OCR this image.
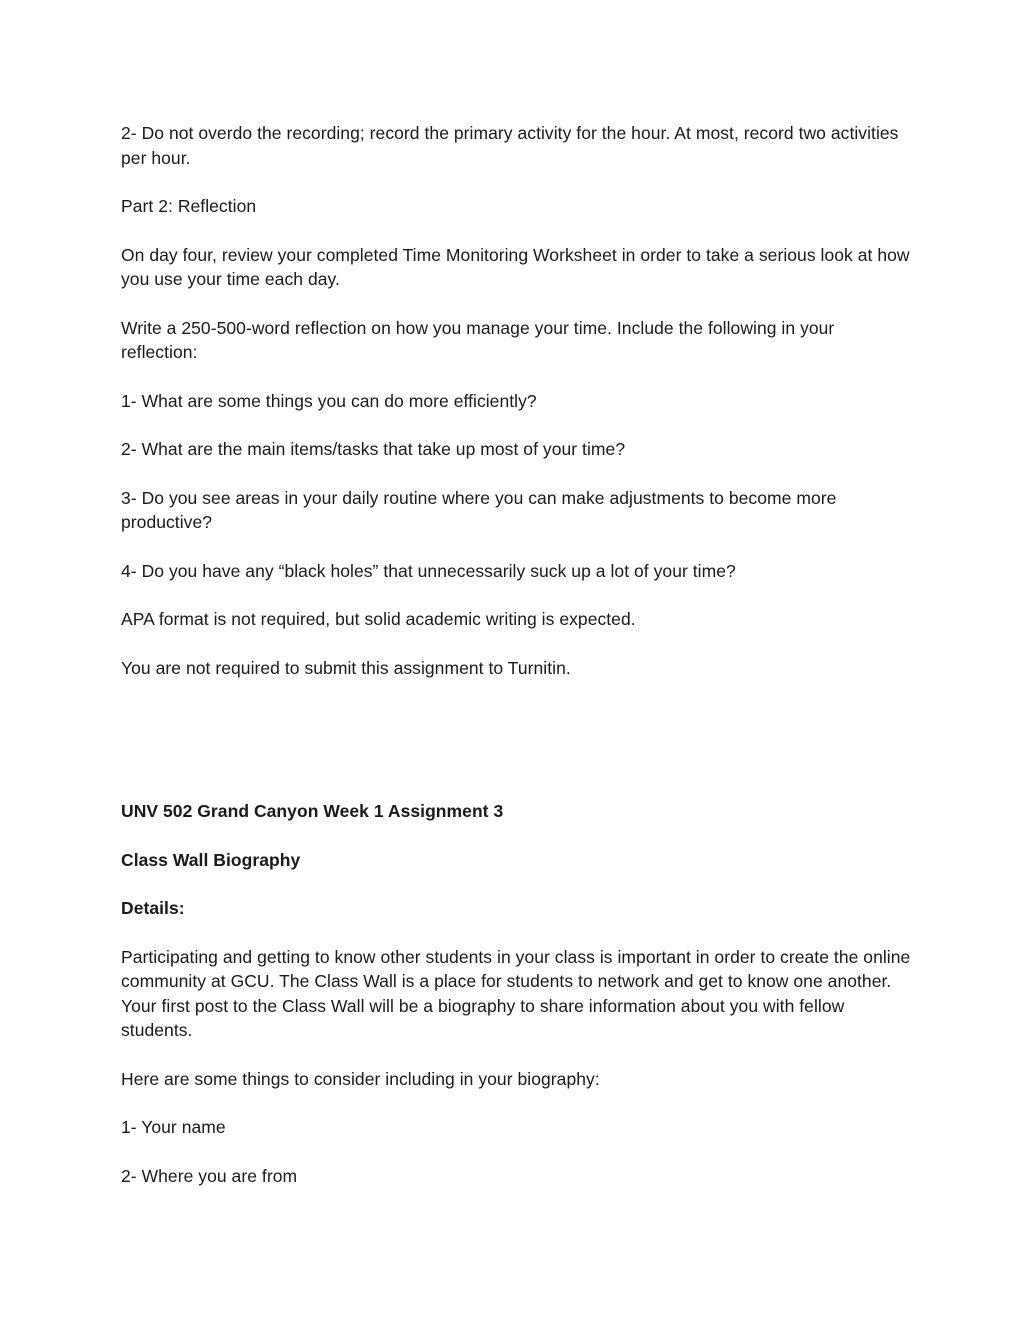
2- Do not overdo the recording; record the primary activity for the hour. At most, record two activities per hour.

Part 2: Reflection

On day four, review your completed Time Monitoring Worksheet in order to take a serious look at how you use your time each day.

Write a 250-500-word reflection on how you manage your time. Include the following in your reflection:

1- What are some things you can do more efficiently?

2- What are the main items/tasks that take up most of your time?

3- Do you see areas in your daily routine where you can make adjustments to become more productive?

4- Do you have any “black holes” that unnecessarily suck up a lot of your time?

APA format is not required, but solid academic writing is expected.

You are not required to submit this assignment to Turnitin.

UNV 502 Grand Canyon Week 1 Assignment 3

Class Wall Biography

Details:

Participating and getting to know other students in your class is important in order to create the online community at GCU. The Class Wall is a place for students to network and get to know one another. Your first post to the Class Wall will be a biography to share information about you with fellow students.

Here are some things to consider including in your biography:

1- Your name

2- Where you are from
